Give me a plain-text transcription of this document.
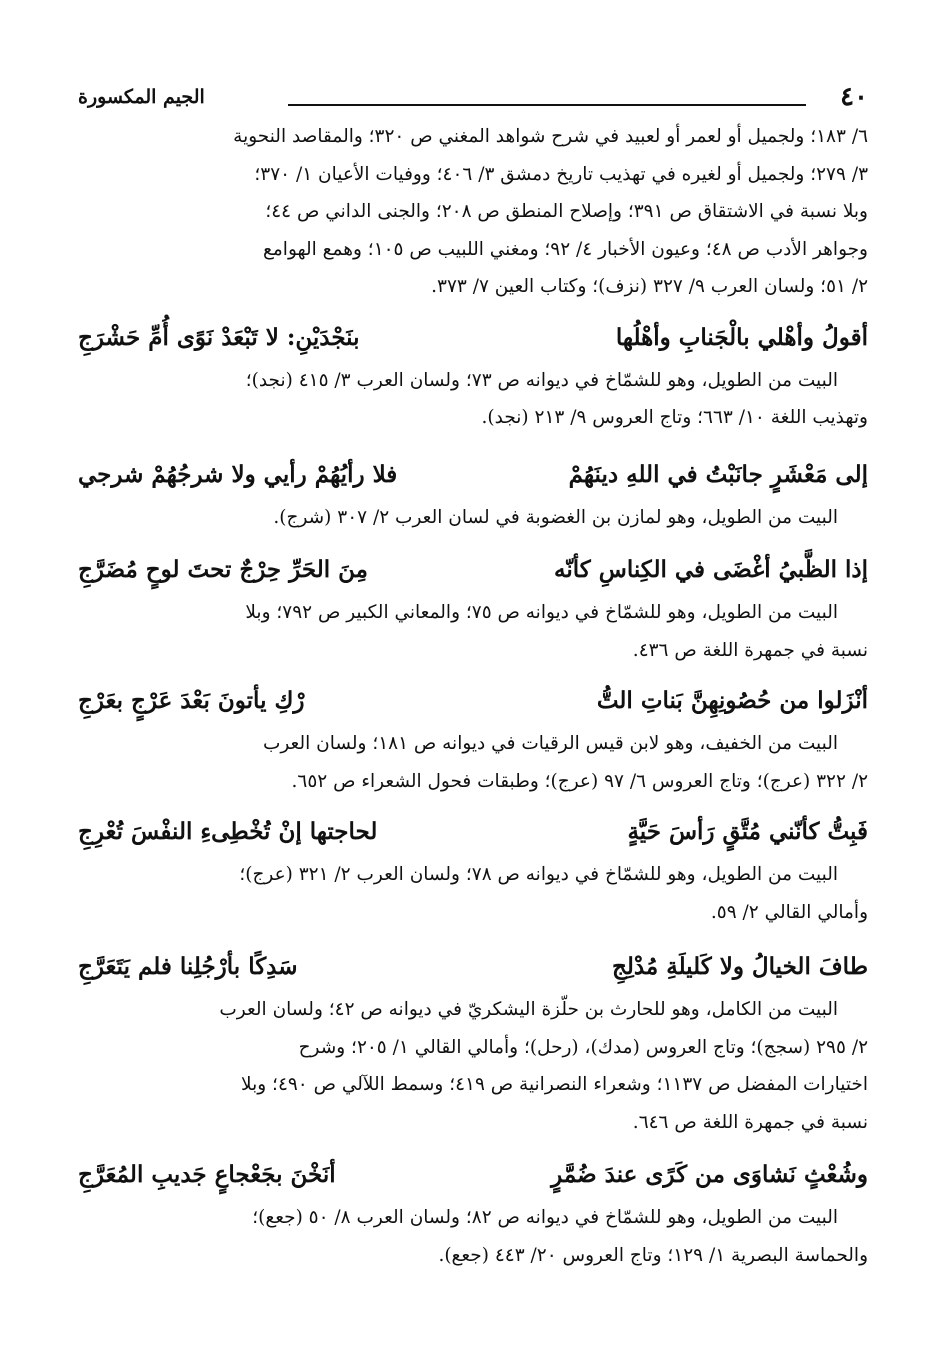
٤٠
الجيم المكسورة

٦/ ١٨٣؛ ولجميل أو لعمر أو لعبيد في شرح شواهد المغني ص ٣٢٠؛ والمقاصد النحوية

٣/ ٢٧٩؛ ولجميل أو لغيره في تهذيب تاريخ دمشق ٣/ ٤٠٦؛ ووفيات الأعيان ١/ ٣٧٠؛

وبلا نسبة في الاشتقاق ص ٣٩١؛ وإصلاح المنطق ص ٢٠٨؛ والجنى الداني ص ٤٤؛

وجواهر الأدب ص ٤٨؛ وعيون الأخبار ٤/ ٩٢؛ ومغني اللبيب ص ١٠٥؛ وهمع الهوامع

٢/ ٥١؛ ولسان العرب ٩/ ٣٢٧ (نزف)؛ وكتاب العين ٧/ ٣٧٣.

أقولُ وأهْلي بالْجَنابِ وأهْلُها
بنَجْدَيْنِ: لا تَبْعَدْ نَوًى أُمِّ حَشْرَجِ

البيت من الطويل، وهو للشمّاخ في ديوانه ص ٧٣؛ ولسان العرب ٣/ ٤١٥ (نجد)؛

وتهذيب اللغة ١٠/ ٦٦٣؛ وتاج العروس ٩/ ٢١٣ (نجد).

إلى مَعْشَرٍ جانَبْتُ في اللهِ دينَهُمْ
فلا رأيُهُمْ رأيي ولا شرجُهُمْ شرجي

البيت من الطويل، وهو لمازن بن الغضوبة في لسان العرب ٢/ ٣٠٧ (شرج).

إذا الظَّبيُ أغْضَى في الكِناسِ كأنّه
مِنَ الحَرِّ حِرْجٌ تحتَ لوحٍ مُضَرَّجِ

البيت من الطويل، وهو للشمّاخ في ديوانه ص ٧٥؛ والمعاني الكبير ص ٧٩٢؛ وبلا

نسبة في جمهرة اللغة ص ٤٣٦.

أنْزَلوا من حُصُونِهِنَّ بَناتِ التُّ
رْكِ يأتونَ بَعْدَ عَرْجٍ بعَرْجِ

البيت من الخفيف، وهو لابن قيس الرقيات في ديوانه ص ١٨١؛ ولسان العرب

٢/ ٣٢٢ (عرج)؛ وتاج العروس ٦/ ٩٧ (عرج)؛ وطبقات فحول الشعراء ص ٦٥٢.

فَبِتُّ كأنّني مُتَّقٍ رَأسَ حَيَّةٍ
لحاجتها إنْ تُخْطِىءِ النفْسَ تُعْرِجِ

البيت من الطويل، وهو للشمّاخ في ديوانه ص ٧٨؛ ولسان العرب ٢/ ٣٢١ (عرج)؛

وأمالي القالي ٢/ ٥٩.

طافَ الخيالُ ولا كَليلَةِ مُدْلِجِ
سَدِكًا بأرْجُلِنا فلم يَتَعَرَّجِ

البيت من الكامل، وهو للحارث بن حلّزة اليشكريّ في ديوانه ص ٤٢؛ ولسان العرب

٢/ ٢٩٥ (سجج)؛ وتاج العروس (مدك)، (رحل)؛ وأمالي القالي ١/ ٢٠٥؛ وشرح

اختيارات المفضل ص ١١٣٧؛ وشعراء النصرانية ص ٤١٩؛ وسمط اللآلي ص ٤٩٠؛ وبلا

نسبة في جمهرة اللغة ص ٦٤٦.

وشُعْثٍ نَشاوَى من كَرًى عندَ ضُمَّرٍ
أنَخْنَ بجَعْجاعٍ جَديبِ المُعَرَّجِ

البيت من الطويل، وهو للشمّاخ في ديوانه ص ٨٢؛ ولسان العرب ٨/ ٥٠ (جعع)؛

والحماسة البصرية ١/ ١٢٩؛ وتاج العروس ٢٠/ ٤٤٣ (جعع).
